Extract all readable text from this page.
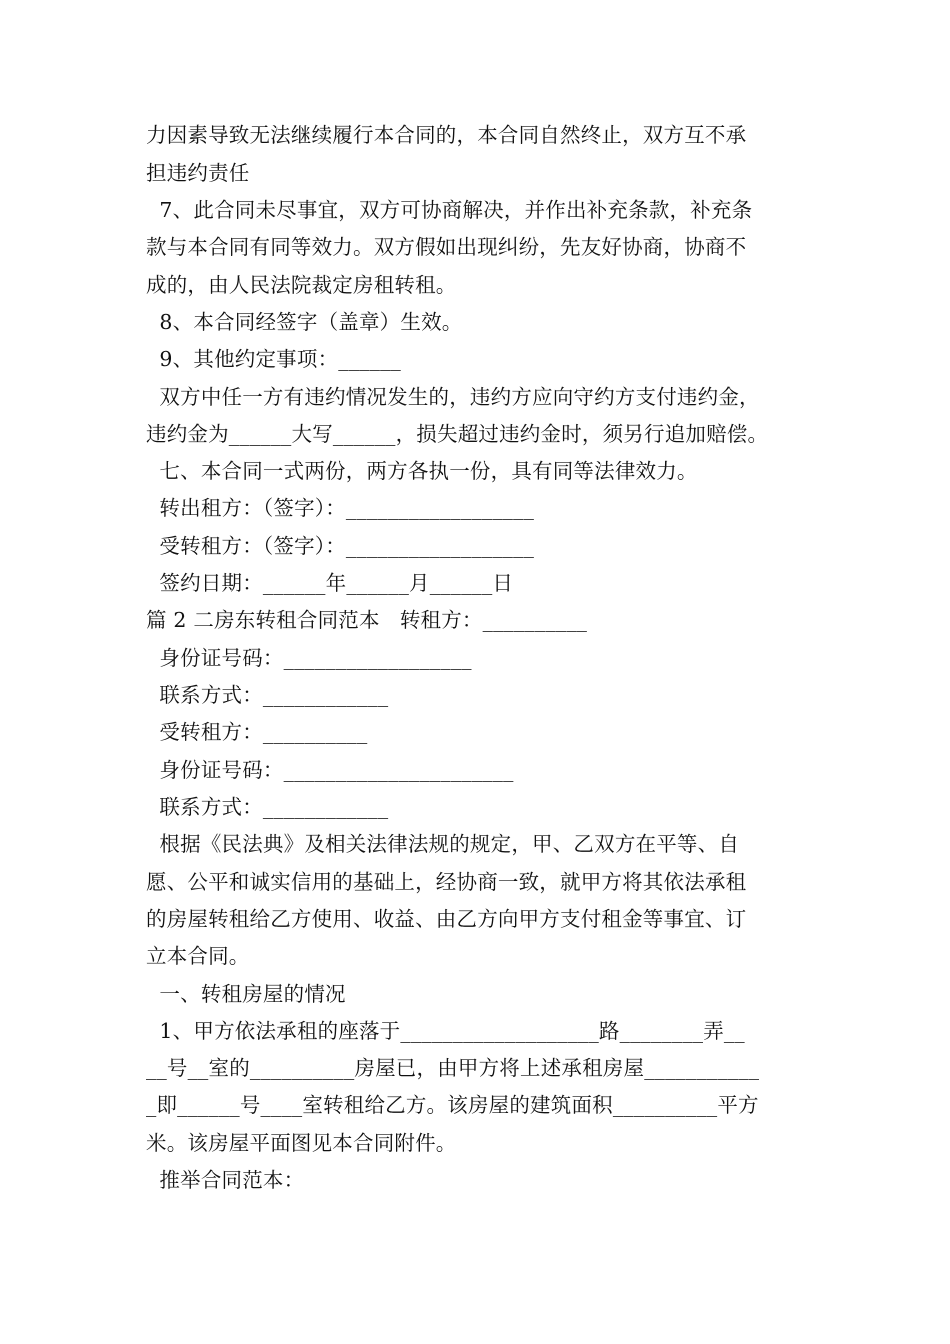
力因素导致无法继续履行本合同的，本合同自然终止，双方互不承
担违约责任
7、此合同未尽事宜，双方可协商解决，并作出补充条款，补充条
款与本合同有同等效力。双方假如出现纠纷，先友好协商，协商不
成的，由人民法院裁定房租转租。
8、本合同经签字（盖章）生效。
9、其他约定事项：______
双方中任一方有违约情况发生的，违约方应向守约方支付违约金，
违约金为______大写______，损失超过违约金时，须另行追加赔偿。
七、本合同一式两份，两方各执一份，具有同等法律效力。
转出租方：（签字）：__________________
受转租方：（签字）：__________________
签约日期：______年______月______日
篇 2 二房东转租合同范本   转租方：__________
身份证号码：__________________
联系方式：____________
受转租方：__________
身份证号码：______________________
联系方式：____________
根据《民法典》及相关法律法规的规定，甲、乙双方在平等、自
愿、公平和诚实信用的基础上，经协商一致，就甲方将其依法承租
的房屋转租给乙方使用、收益、由乙方向甲方支付租金等事宜、订
立本合同。
一、转租房屋的情况
1、甲方依法承租的座落于___________________路________弄__
__号__室的__________房屋已，由甲方将上述承租房屋___________
_即______号____室转租给乙方。该房屋的建筑面积__________平方
米。该房屋平面图见本合同附件。
推举合同范本：
